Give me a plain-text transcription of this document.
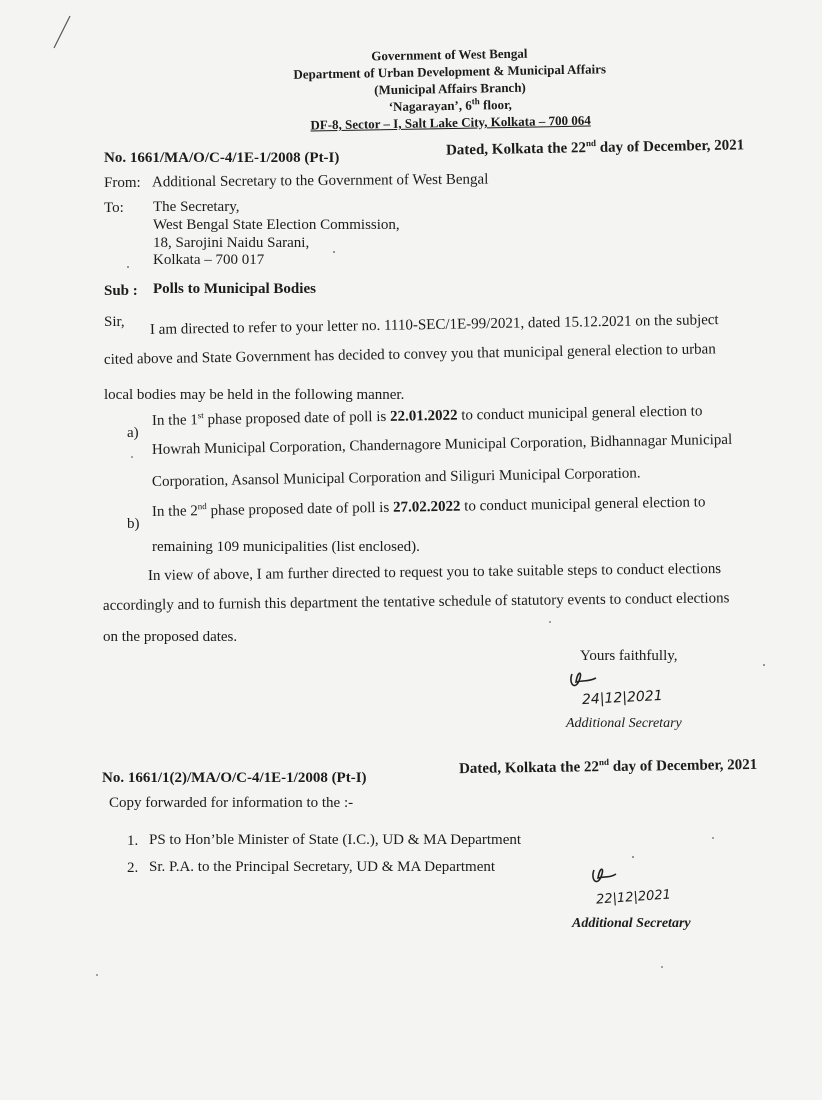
Government of West Bengal
Department of Urban Development & Municipal Affairs
(Municipal Affairs Branch)
‘Nagarayan’, 6th floor,
DF-8, Sector – I, Salt Lake City, Kolkata – 700 064
No. 1661/MA/O/C-4/1E-1/2008 (Pt-I)	Dated, Kolkata the 22nd day of December, 2021
From: Additional Secretary to the Government of West Bengal
To: The Secretary,
West Bengal State Election Commission,
18, Sarojini Naidu Sarani,
Kolkata – 700 017
Sub : Polls to Municipal Bodies
Sir, I am directed to refer to your letter no. 1110-SEC/1E-99/2021, dated 15.12.2021 on the subject
cited above and State Government has decided to convey you that municipal general election to urban
local bodies may be held in the following manner.
a)
In the 1st phase proposed date of poll is 22.01.2022 to conduct municipal general election to
Howrah Municipal Corporation, Chandernagore Municipal Corporation, Bidhannagar Municipal
Corporation, Asansol Municipal Corporation and Siliguri Municipal Corporation.
b)
In the 2nd phase proposed date of poll is 27.02.2022 to conduct municipal general election to
remaining 109 municipalities (list enclosed).
In view of above, I am further directed to request you to take suitable steps to conduct elections
accordingly and to furnish this department the tentative schedule of statutory events to conduct elections
on the proposed dates.
Yours faithfully,
24|12|2021
Additional Secretary
No. 1661/1(2)/MA/O/C-4/1E-1/2008 (Pt-I)
Dated, Kolkata the 22nd day of December, 2021
Copy forwarded for information to the :-
1. PS to Hon’ble Minister of State (I.C.), UD & MA Department
2. Sr. P.A. to the Principal Secretary, UD & MA Department
22|12|2021
Additional Secretary
